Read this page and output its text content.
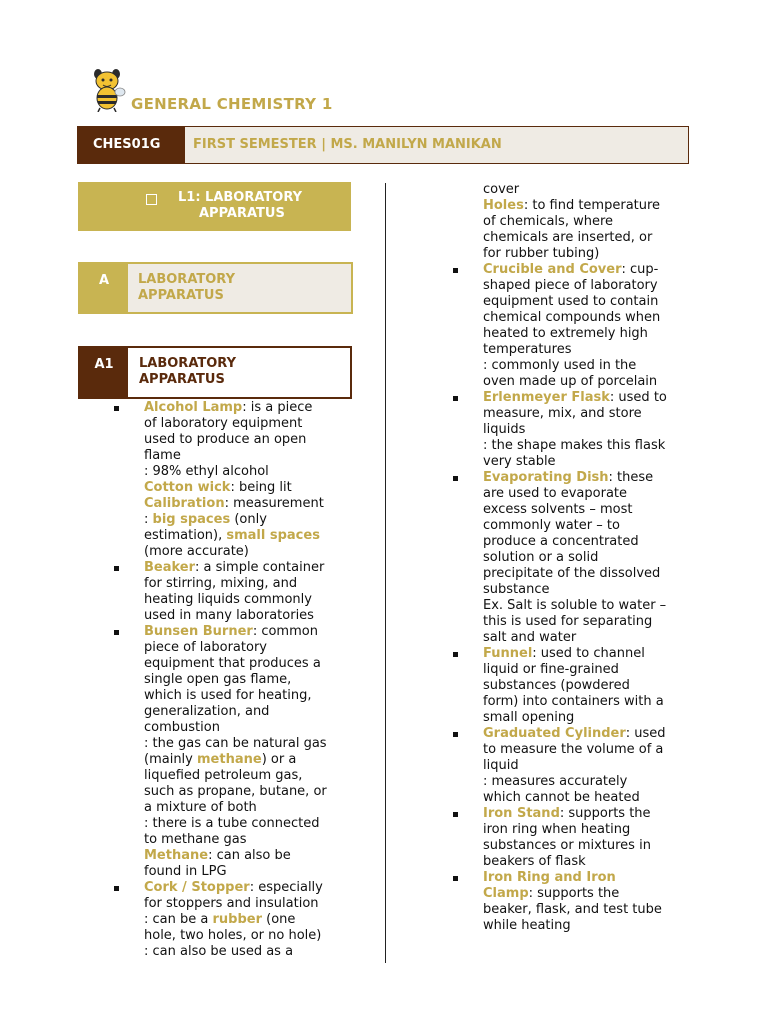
GENERAL CHEMISTRY 1
CHES01G	FIRST SEMESTER | MS. MANILYN MANIKAN
L1: LABORATORY
APPARATUS
A	LABORATORY
APPARATUS
A1	LABORATORY
APPARATUS
Alcohol Lamp: is a piece
of laboratory equipment
used to produce an open
flame
: 98% ethyl alcohol
Cotton wick: being lit
Calibration: measurement
: big spaces (only
estimation), small spaces
(more accurate)
Beaker: a simple container
for stirring, mixing, and
heating liquids commonly
used in many laboratories
Bunsen Burner: common
piece of laboratory
equipment that produces a
single open gas flame,
which is used for heating,
generalization, and
combustion
: the gas can be natural gas
(mainly methane) or a
liquefied petroleum gas,
such as propane, butane, or
a mixture of both
: there is a tube connected
to methane gas
Methane: can also be
found in LPG
Cork / Stopper: especially
for stoppers and insulation
: can be a rubber (one
hole, two holes, or no hole)
: can also be used as a
cover
Holes: to find temperature
of chemicals, where
chemicals are inserted, or
for rubber tubing)
Crucible and Cover: cup-
shaped piece of laboratory
equipment used to contain
chemical compounds when
heated to extremely high
temperatures
: commonly used in the
oven made up of porcelain
Erlenmeyer Flask: used to
measure, mix, and store
liquids
: the shape makes this flask
very stable
Evaporating Dish: these
are used to evaporate
excess solvents – most
commonly water – to
produce a concentrated
solution or a solid
precipitate of the dissolved
substance
Ex. Salt is soluble to water –
this is used for separating
salt and water
Funnel: used to channel
liquid or fine-grained
substances (powdered
form) into containers with a
small opening
Graduated Cylinder: used
to measure the volume of a
liquid
: measures accurately
which cannot be heated
Iron Stand: supports the
iron ring when heating
substances or mixtures in
beakers of flask
Iron Ring and Iron
Clamp: supports the
beaker, flask, and test tube
while heating
